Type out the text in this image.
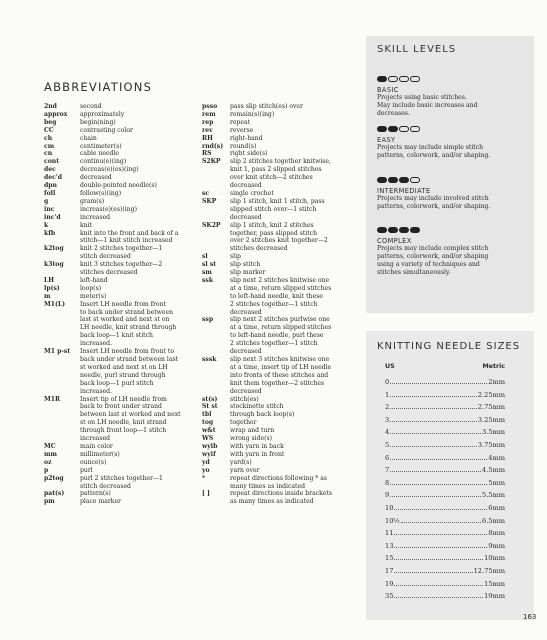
ABBREVIATIONS
2nd	second
approx	approximately
beg	begin(ning)
CC	contrasting color
ch	chain
cm	centimeter(s)
cn	cable needle
cont	continu(e)(ing)
dec	decreas(e)(es)(ing)
dec'd	decreased
dpn	double-pointed needle(s)
foll	follow(s)(ing)
g	gram(s)
inc	increas(e)(es)(ing)
inc'd	increased
k	knit
kfb	knit into the front and back of a
stitch—1 knit stitch increased
k2tog	knit 2 stitches together—1
stitch decreased
k3tog	knit 3 stitches together—2
stitches decreased
LH	left-hand
lp(s)	loop(s)
m	meter(s)
M1(L)	Insert LH needle from front
to back under strand between
last st worked and next st on
LH needle, knit strand through
back loop—1 knit stitch
increased.
M1 p-st	Insert LH needle from front to
back under strand between last
st worked and next st on LH
needle, purl strand through
back loop—1 purl stitch
increased.
M1R	Insert tip of LH needle from
back to front under strand
between last st worked and next
st on LH needle, knit strand
through front loop—1 stitch
increased
MC	main color
mm	millimeter(s)
oz	ounce(s)
p	purl
p2tog	purl 2 stitches together—1
stitch decreased
pat(s)	pattern(s)
pm	place marker
psso	pass slip stitch(es) over
rem	remain(s)(ing)
rep	repeat
rev	reverse
RH	right-hand
rnd(s)	round(s)
RS	right side(s)
S2KP	slip 2 stitches together knitwise,
knit 1, pass 2 slipped stitches
over knit stitch—2 stitches
decreased
sc	single crochet
SKP	slip 1 stitch, knit 1 stitch, pass
slipped stitch over—1 stitch
decreased
SK2P	slip 1 stitch, knit 2 stitches
together, pass slipped stitch
over 2 stitches knit together—2
stitches decreased
sl	slip
sl st	slip stitch
sm	slip marker
ssk	slip next 2 stitches knitwise one
at a time, return slipped stitches
to left-hand needle, knit these
2 stitches together—1 stitch
decreased
ssp	slip next 2 stitches purlwise one
at a time, return slipped stitches
to left-hand needle, purl these
2 stitches together—1 stitch
decreased
sssk	slip next 3 stitches knitwise one
at a time, insert tip of LH needle
into fronts of these stitches and
knit them together—2 stitches
decreased
st(s)	stitch(es)
St st	stockinette stitch
tbl	through back loop(s)
tog	together
w&t	wrap and turn
WS	wrong side(s)
wyib	with yarn in back
wyif	with yarn in front
yd	yard(s)
yo	yarn over
*	repeat directions following * as
many times as indicated
[ ]	repeat directions inside brackets
as many times as indicated
SKILL LEVELS
BASIC
Projects using basic stitches.
May include basic increases and
decreases.
EASY
Projects may include simple stitch
patterns, colorwork, and/or shaping.
INTERMEDIATE
Projects may include involved stitch
patterns, colorwork, and/or shaping.
COMPLEX
Projects may include complex stitch
patterns, colorwork, and/or shaping
using a variety of techniques and
stitches simultaneously.
KNITTING NEEDLE SIZES
US	Metric
0	2mm
1	2.25mm
2	2.75mm
3	3.25mm
4	3.5mm
5	3.75mm
6	4mm
7	4.5mm
8	5mm
9	5.5mm
10	6mm
10½	6.5mm
11	8mm
13	9mm
15	10mm
17	12.75mm
19	15mm
35	19mm
163
